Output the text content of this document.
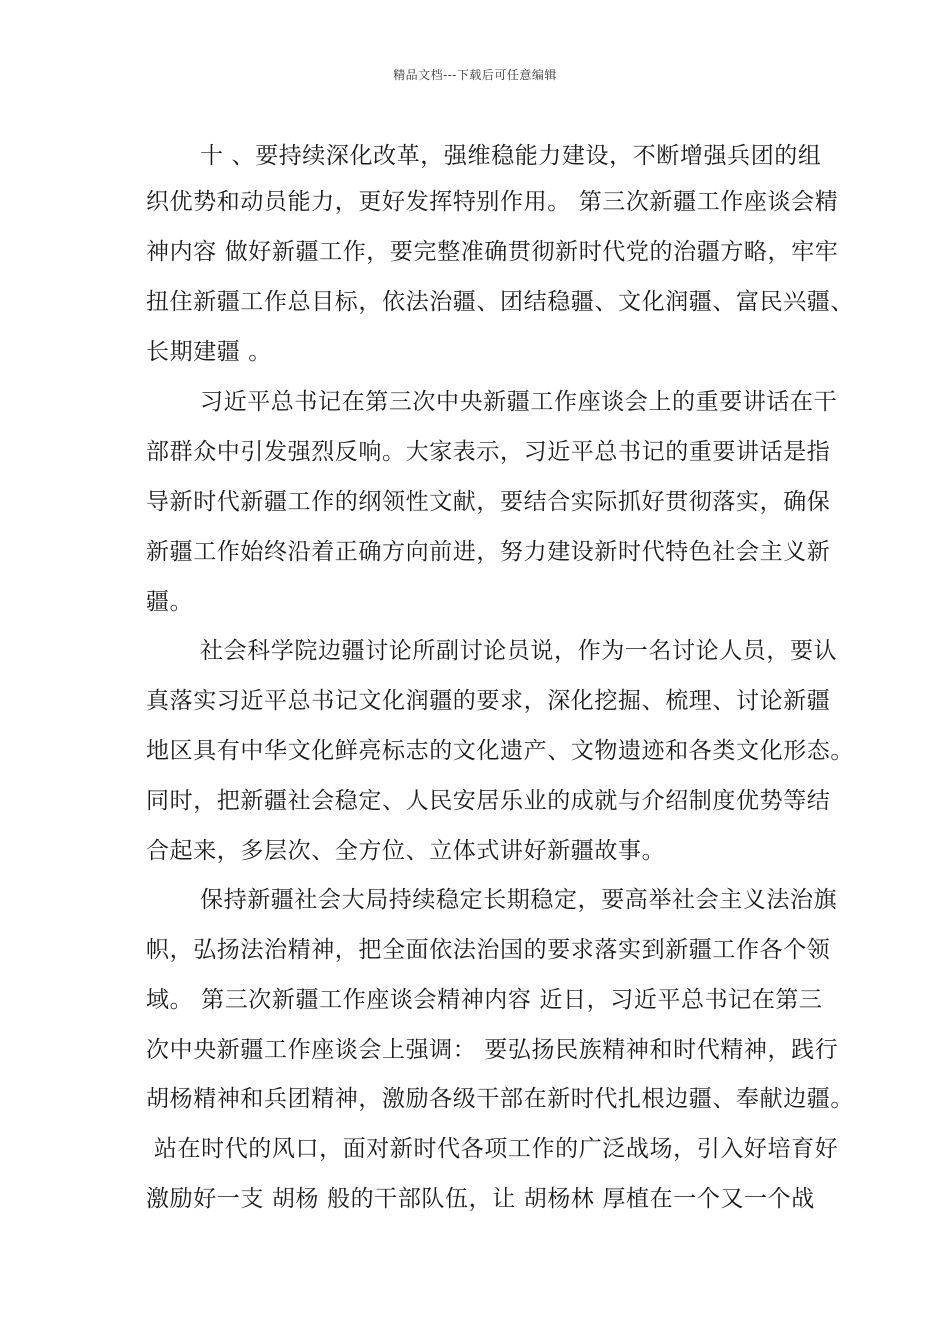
精品文档---下载后可任意编辑
十 、要持续深化改革，强维稳能力建设，不断增强兵团的组
织优势和动员能力，更好发挥特别作用。 第三次新疆工作座谈会精
神内容 做好新疆工作，要完整准确贯彻新时代党的治疆方略，牢牢
扭住新疆工作总目标，依法治疆、团结稳疆、文化润疆、富民兴疆、
长期建疆 。
习近平总书记在第三次中央新疆工作座谈会上的重要讲话在干
部群众中引发强烈反响。大家表示，习近平总书记的重要讲话是指
导新时代新疆工作的纲领性文献，要结合实际抓好贯彻落实，确保
新疆工作始终沿着正确方向前进，努力建设新时代特色社会主义新
疆。
社会科学院边疆讨论所副讨论员说，作为一名讨论人员，要认
真落实习近平总书记文化润疆的要求，深化挖掘、梳理、讨论新疆
地区具有中华文化鲜亮标志的文化遗产、文物遗迹和各类文化形态。
同时，把新疆社会稳定、人民安居乐业的成就与介绍制度优势等结
合起来，多层次、全方位、立体式讲好新疆故事。
保持新疆社会大局持续稳定长期稳定，要高举社会主义法治旗
帜，弘扬法治精神，把全面依法治国的要求落实到新疆工作各个领
域。 第三次新疆工作座谈会精神内容 近日，习近平总书记在第三
次中央新疆工作座谈会上强调： 要弘扬民族精神和时代精神，践行
胡杨精神和兵团精神，激励各级干部在新时代扎根边疆、奉献边疆。
站在时代的风口，面对新时代各项工作的广泛战场，引入好培育好
激励好一支 胡杨 般的干部队伍，让 胡杨林 厚植在一个又一个战
